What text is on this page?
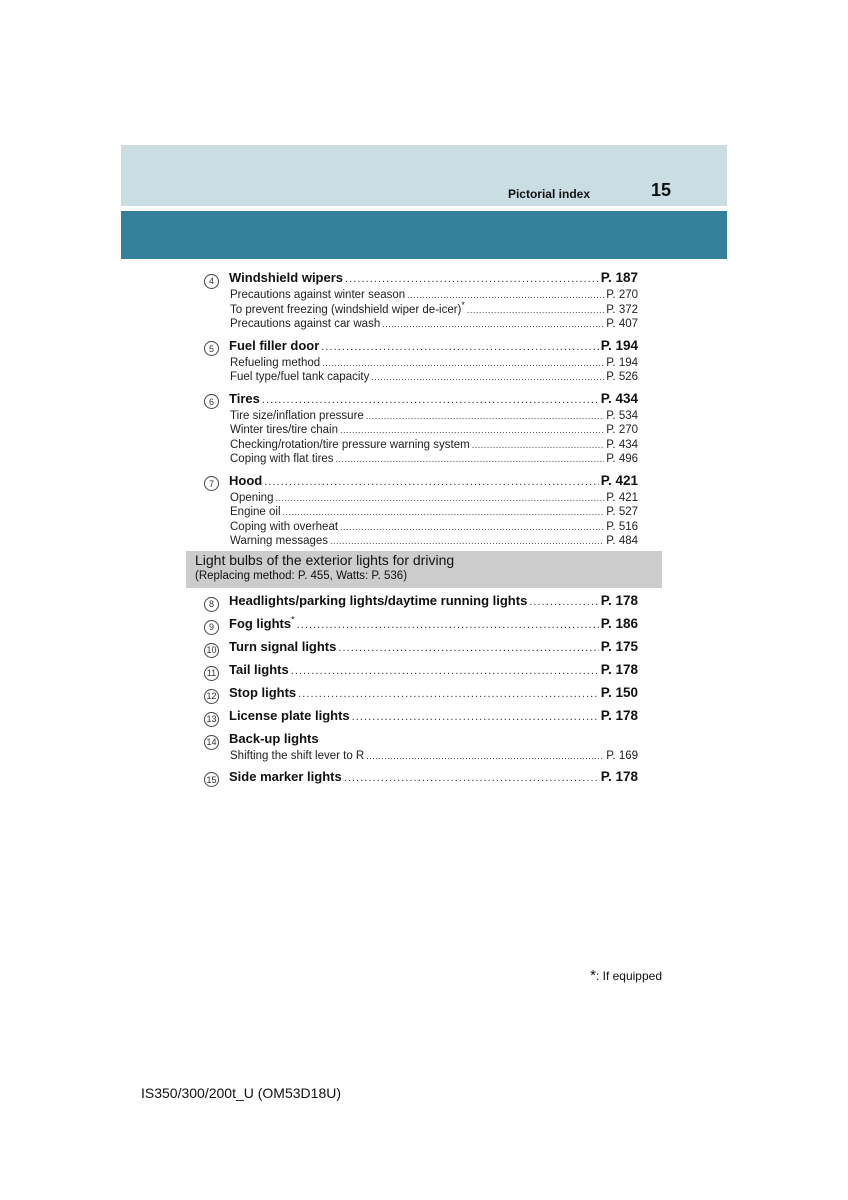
Pictorial index	15
4	Windshield wipers . . .	P. 187
Precautions against winter season . . .	P. 270
To prevent freezing (windshield wiper de-icer)* . . .	P. 372
Precautions against car wash . . .	P. 407
5	Fuel filler door . . .	P. 194
Refueling method . . .	P. 194
Fuel type/fuel tank capacity . . .	P. 526
6	Tires . . .	P. 434
Tire size/inflation pressure . . .	P. 534
Winter tires/tire chain . . .	P. 270
Checking/rotation/tire pressure warning system . . .	P. 434
Coping with flat tires . . .	P. 496
7	Hood . . .	P. 421
Opening . . .	P. 421
Engine oil . . .	P. 527
Coping with overheat . . .	P. 516
Warning messages . . .	P. 484
Light bulbs of the exterior lights for driving
(Replacing method: P. 455, Watts: P. 536)
8	Headlights/parking lights/daytime running lights . . .	P. 178
9	Fog lights* . . .	P. 186
10 Turn signal lights . . .	P. 175
11 Tail lights . . .	P. 178
12 Stop lights . . .	P. 150
13 License plate lights . . .	P. 178
14 Back-up lights
Shifting the shift lever to R . . .	P. 169
15 Side marker lights . . .	P. 178
*: If equipped
IS350/300/200t_U (OM53D18U)
